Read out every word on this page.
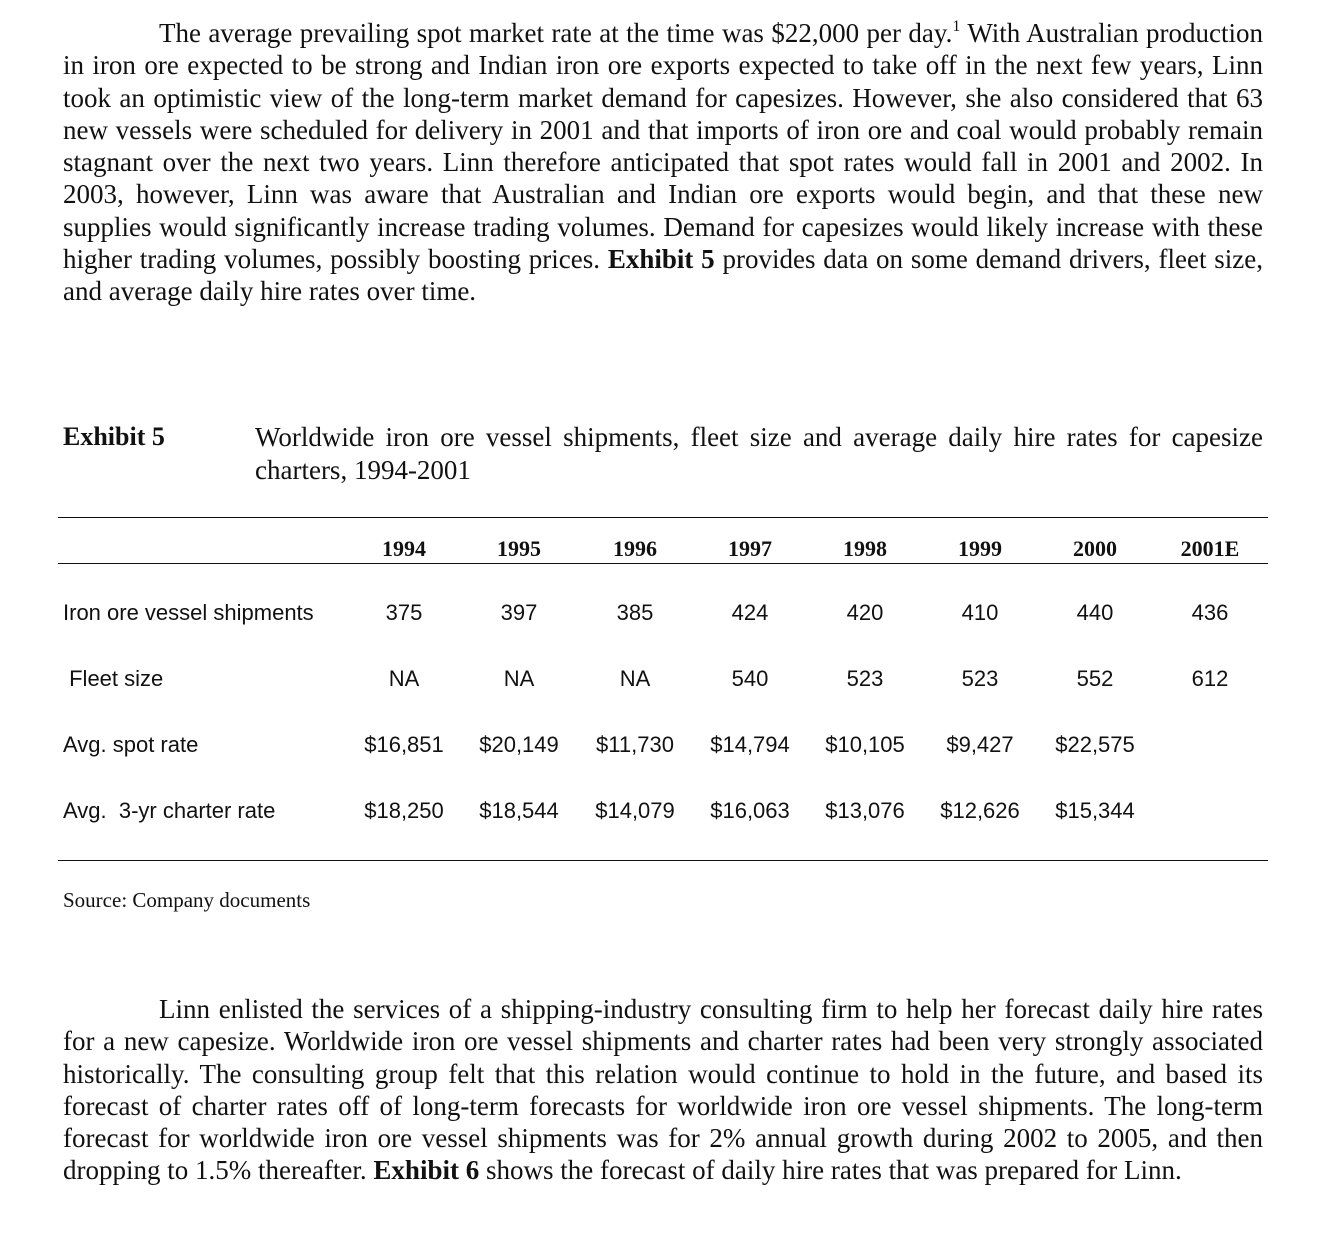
The average prevailing spot market rate at the time was $22,000 per day.$^1$ With Australian production in iron ore expected to be strong and Indian iron ore exports expected to take off in the next few years, Linn took an optimistic view of the long-term market demand for capesizes. However, she also considered that 63 new vessels were scheduled for delivery in 2001 and that imports of iron ore and coal would probably remain stagnant over the next two years. Linn therefore anticipated that spot rates would fall in 2001 and 2002. In 2003, however, Linn was aware that Australian and Indian ore exports would begin, and that these new supplies would significantly increase trading volumes. Demand for capesizes would likely increase with these higher trading volumes, possibly boosting prices. Exhibit 5 provides data on some demand drivers, fleet size, and average daily hire rates over time.

Exhibit 5	Worldwide iron ore vessel shipments, fleet size and average daily hire rates for capesize charters, 1994-2001

1994	1995	1996	1997	1998	1999	2000	2001E
Iron ore vessel shipments	375	397	385	424	420	410	440	436
Fleet size	NA	NA	NA	540	523	523	552	612
Avg. spot rate	$16,851	$20,149	$11,730	$14,794	$10,105	$9,427	$22,575
Avg.  3-yr charter rate	$18,250	$18,544	$14,079	$16,063	$13,076	$12,626	$15,344
Source: Company documents

Linn enlisted the services of a shipping-industry consulting firm to help her forecast daily hire rates for a new capesize. Worldwide iron ore vessel shipments and charter rates had been very strongly associated historically. The consulting group felt that this relation would continue to hold in the future, and based its forecast of charter rates off of long-term forecasts for worldwide iron ore vessel shipments. The long-term forecast for worldwide iron ore vessel shipments was for 2% annual growth during 2002 to 2005, and then dropping to 1.5% thereafter. Exhibit 6 shows the forecast of daily hire rates that was prepared for Linn.
